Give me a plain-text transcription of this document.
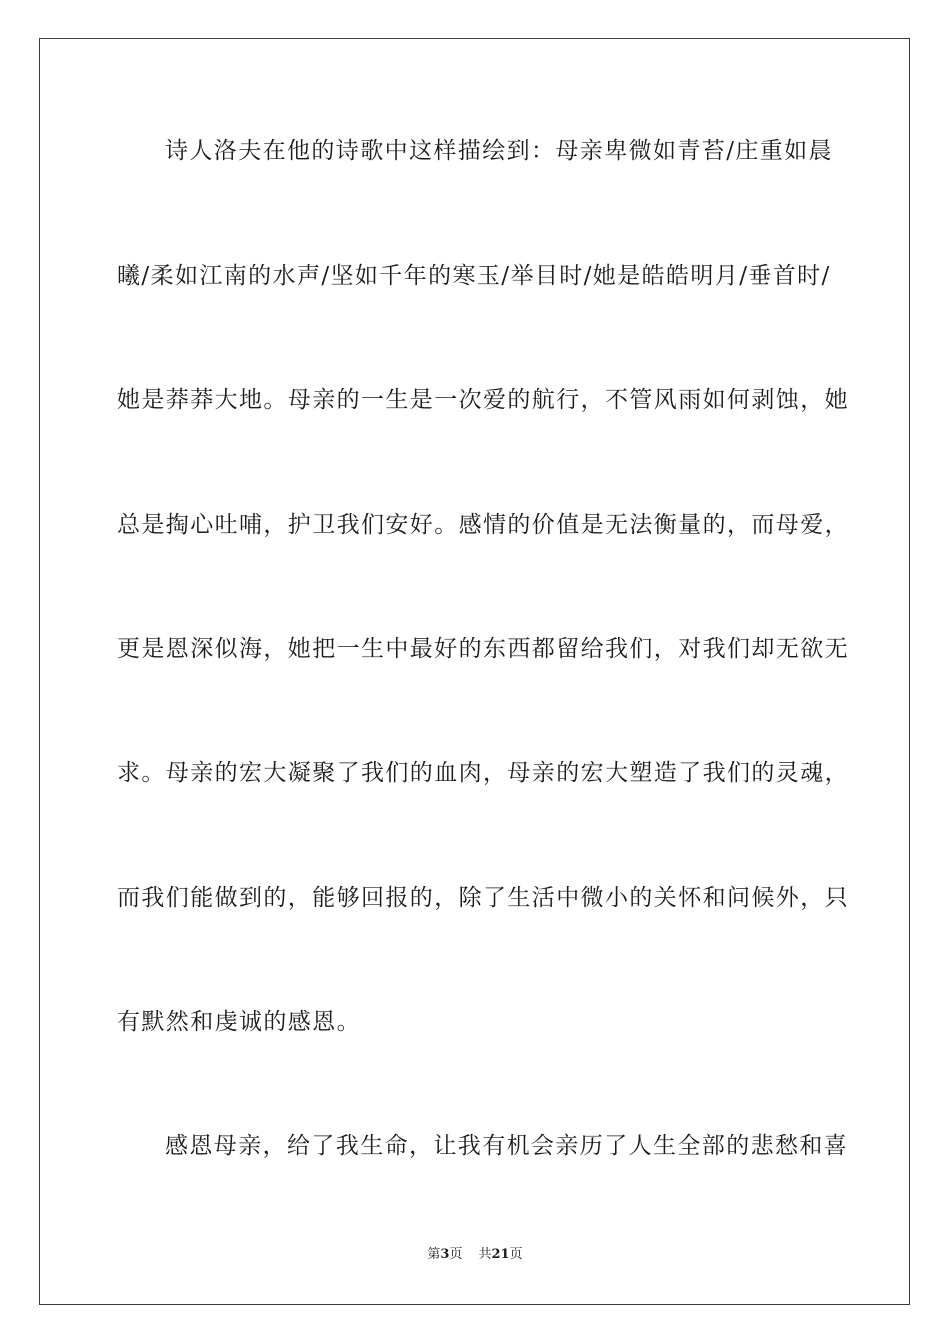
诗人洛夫在他的诗歌中这样描绘到：母亲卑微如青苔/庄重如晨
曦/柔如江南的水声/坚如千年的寒玉/举目时/她是皓皓明月/垂首时/
她是莽莽大地。母亲的一生是一次爱的航行，不管风雨如何剥蚀，她
总是掏心吐哺，护卫我们安好。感情的价值是无法衡量的，而母爱，
更是恩深似海，她把一生中最好的东西都留给我们，对我们却无欲无
求。母亲的宏大凝聚了我们的血肉，母亲的宏大塑造了我们的灵魂，
而我们能做到的，能够回报的，除了生活中微小的关怀和问候外，只
有默然和虔诚的感恩。
感恩母亲，给了我生命，让我有机会亲历了人生全部的悲愁和喜
第3页 共21页
